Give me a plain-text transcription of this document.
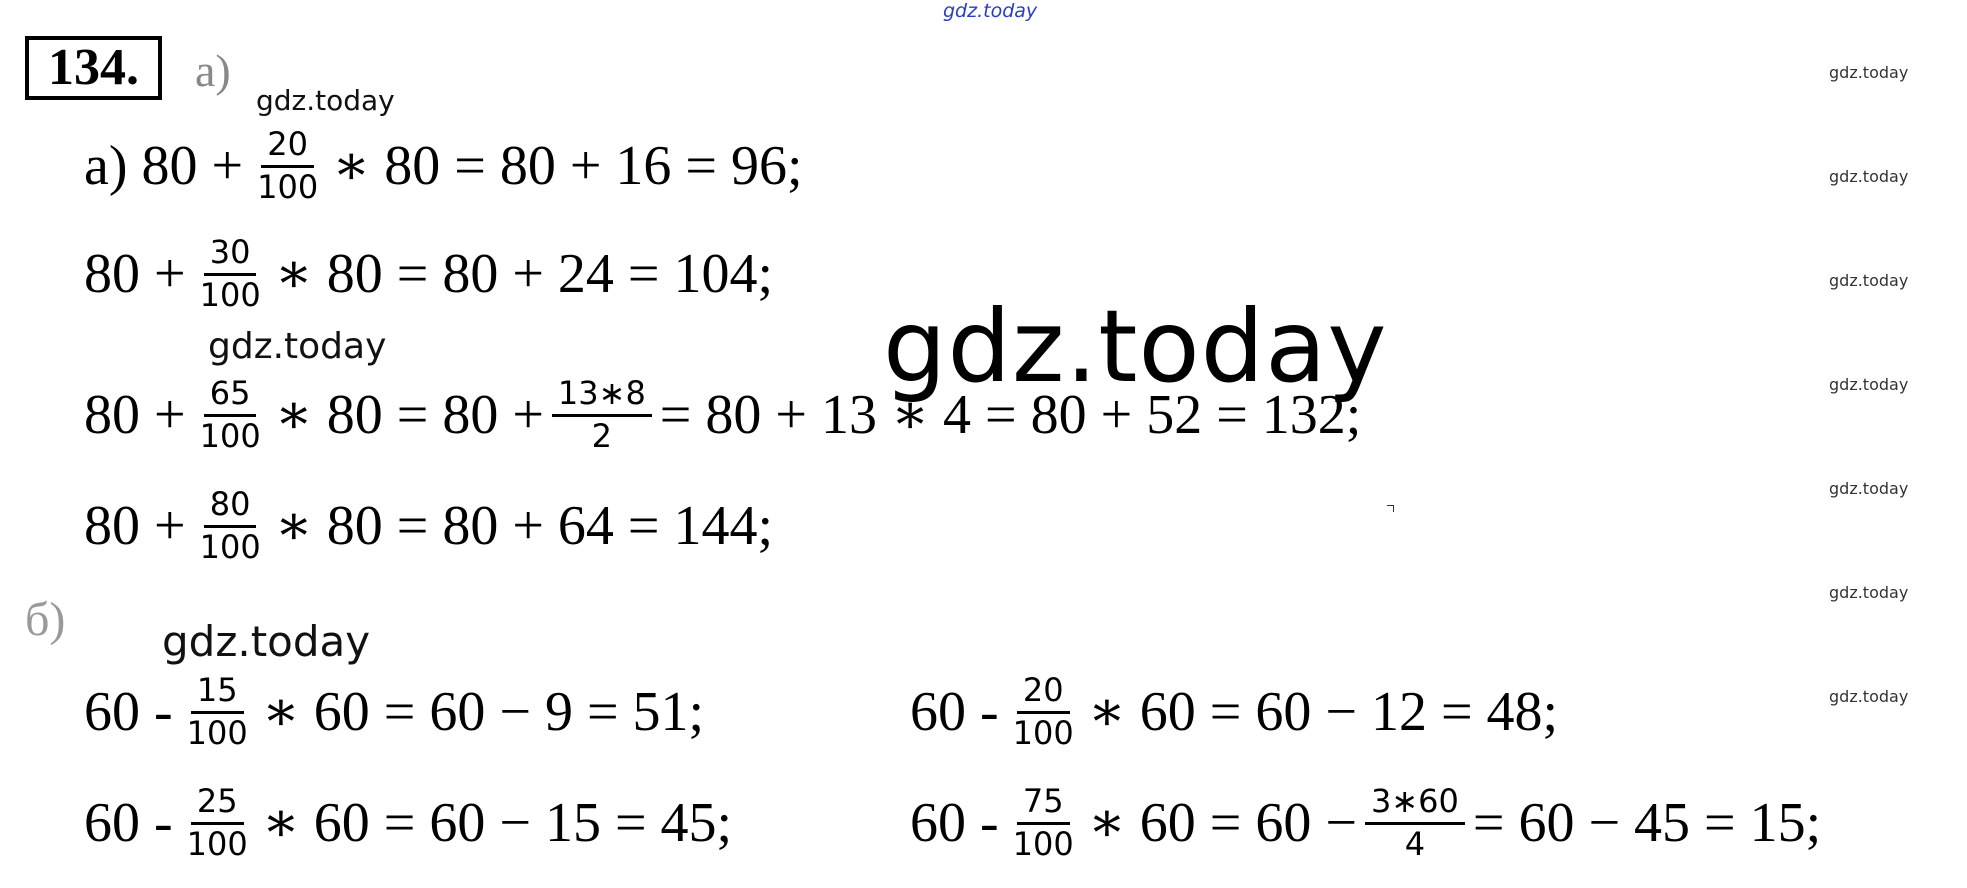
gdz.today
gdz.today
gdz.today
gdz.today
gdz.today
gdz.today
gdz.today
gdz.today
gdz.today
gdz.today
gdz.today
gdz.today
134.	а)
а) $80 + \frac{20}{100}$ ∗ 80 = 80 + 16 = 96;
$80 + \frac{30}{100}$ ∗ 80 = 80 + 24 = 104;
$80 + \frac{65}{100}$ ∗ $80 = 80 + \frac{13∗8}{2} = 80 + 13$ ∗ 4 = 80 + 52 = 132;
$80 + \frac{80}{100}$ ∗ 80 = 80 + 64 = 144;
б)
$60 - \frac{15}{100}$ ∗ 60 = 60 − 9 = 51;	$60 - \frac{20}{100}$ ∗ 60 = 60 − 12 = 48;
$60 - \frac{25}{100}$ ∗ 60 = 60 − 15 = 45;	$60 - \frac{75}{100}$ ∗ $60 = 60 - \frac{3∗60}{4} = 60 - 45 = 15$;
